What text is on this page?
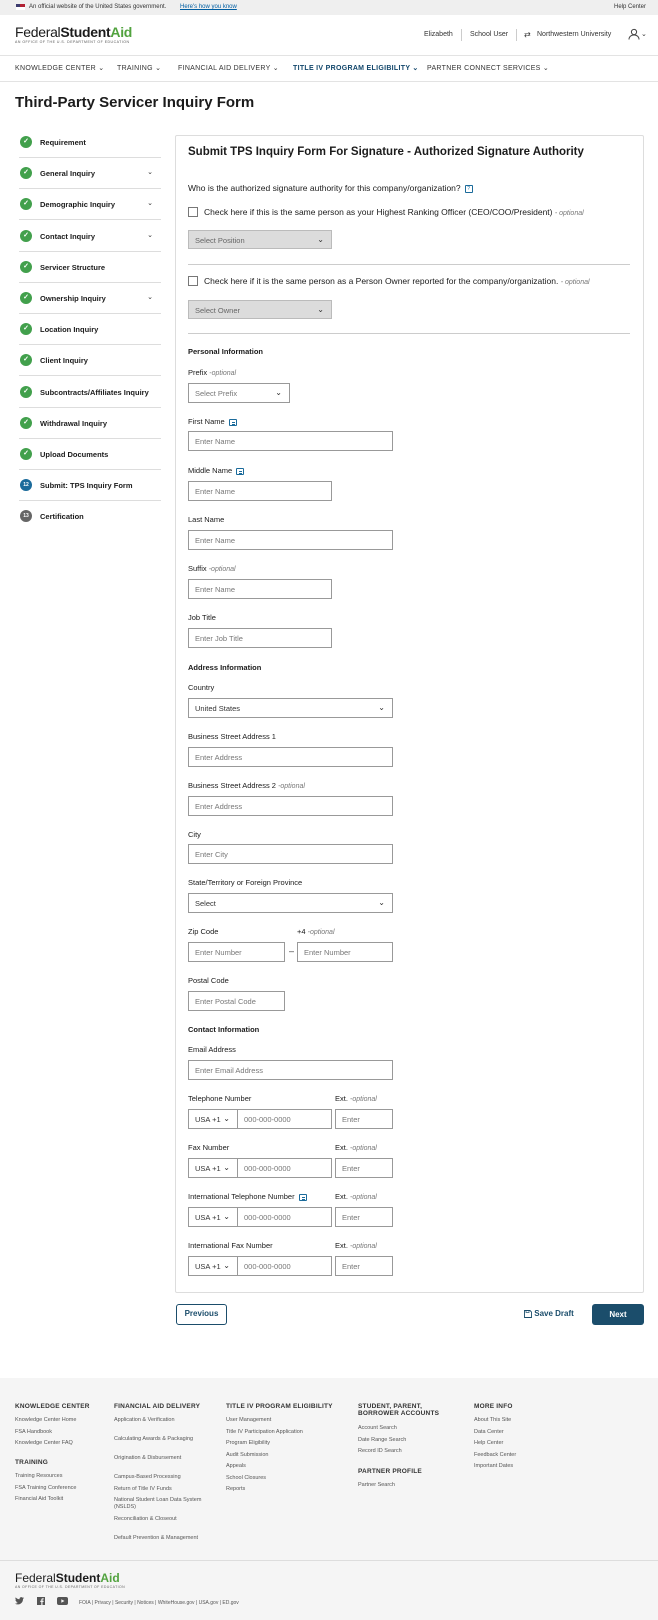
An official website of the United States government. Here's how you know	Help Center
FederalStudentAid
AN OFFICE OF THE U.S. DEPARTMENT OF EDUCATION
Elizabeth School User ⇄ Northwestern University	⌄
KNOWLEDGE CENTER ⌄ TRAINING ⌄ FINANCIAL AID DELIVERY ⌄ TITLE IV PROGRAM ELIGIBILITY ⌄ PARTNER CONNECT SERVICES ⌄
Third-Party Servicer Inquiry Form
✓	Requirement
✓	General Inquiry	⌄
✓	Demographic Inquiry	⌄
✓	Contact Inquiry	⌄
✓	Servicer Structure
✓	Ownership Inquiry	⌄
✓	Location Inquiry
✓	Client Inquiry
✓	Subcontracts/Affiliates Inquiry
✓	Withdrawal Inquiry
✓	Upload Documents
12	Submit: TPS Inquiry Form
13	Certification
Submit TPS Inquiry Form For Signature - Authorized Signature Authority
Who is the authorized signature authority for this company/organization? ?
Check here if this is the same person as your Highest Ranking Officer (CEO/COO/President) - optional
Select Position	⌄
Check here if it is the same person as a Person Owner reported for the company/organization. - optional
Select Owner	⌄
Personal Information
Prefix -optional
Select Prefix	⌄
First Name
Enter Name
Middle Name
Enter Name
Last Name
Enter Name
Suffix -optional
Enter Name
Job Title
Enter Job Title
Address Information
Country
United States	⌄
Business Street Address 1
Enter Address
Business Street Address 2 -optional
Enter Address
City
Enter City
State/Territory or Foreign Province
Select	⌄
Zip Code
Enter Number	–
+4 -optional
Enter Number
Postal Code
Enter Postal Code
Contact Information
Email Address
Enter Email Address
Telephone Number	Ext. -optional
USA +1 ⌄	000-000-0000	Enter
Fax Number	Ext. -optional
USA +1 ⌄	000-000-0000	Enter
International Telephone Number	Ext. -optional
USA +1 ⌄	000-000-0000	Enter
International Fax Number	Ext. -optional
USA +1 ⌄	000-000-0000	Enter
Previous	Save Draft	Next
KNOWLEDGE CENTER
Knowledge Center Home
FSA Handbook
Knowledge Center FAQ
TRAINING
Training Resources
FSA Training Conference
Financial Aid Toolkit
FINANCIAL AID DELIVERY
Application & Verification
Calculating Awards & Packaging
Origination & Disbursement
Campus-Based Processing
Return of Title IV Funds
National Student Loan Data System (NSLDS)
Reconciliation & Closeout
Default Prevention & Management
TITLE IV PROGRAM ELIGIBILITY
User Management
Title IV Participation Application
Program Eligibility
Audit Submission
Appeals
School Closures
Reports
STUDENT, PARENT, BORROWER ACCOUNTS
Account Search
Date Range Search
Record ID Search
PARTNER PROFILE
Partner Search
MORE INFO
About This Site
Data Center
Help Center
Feedback Center
Important Dates
FederalStudentAid
AN OFFICE OF THE U.S. DEPARTMENT OF EDUCATION
FOIA | Privacy | Security | Notices | WhiteHouse.gov | USA.gov | ED.gov
